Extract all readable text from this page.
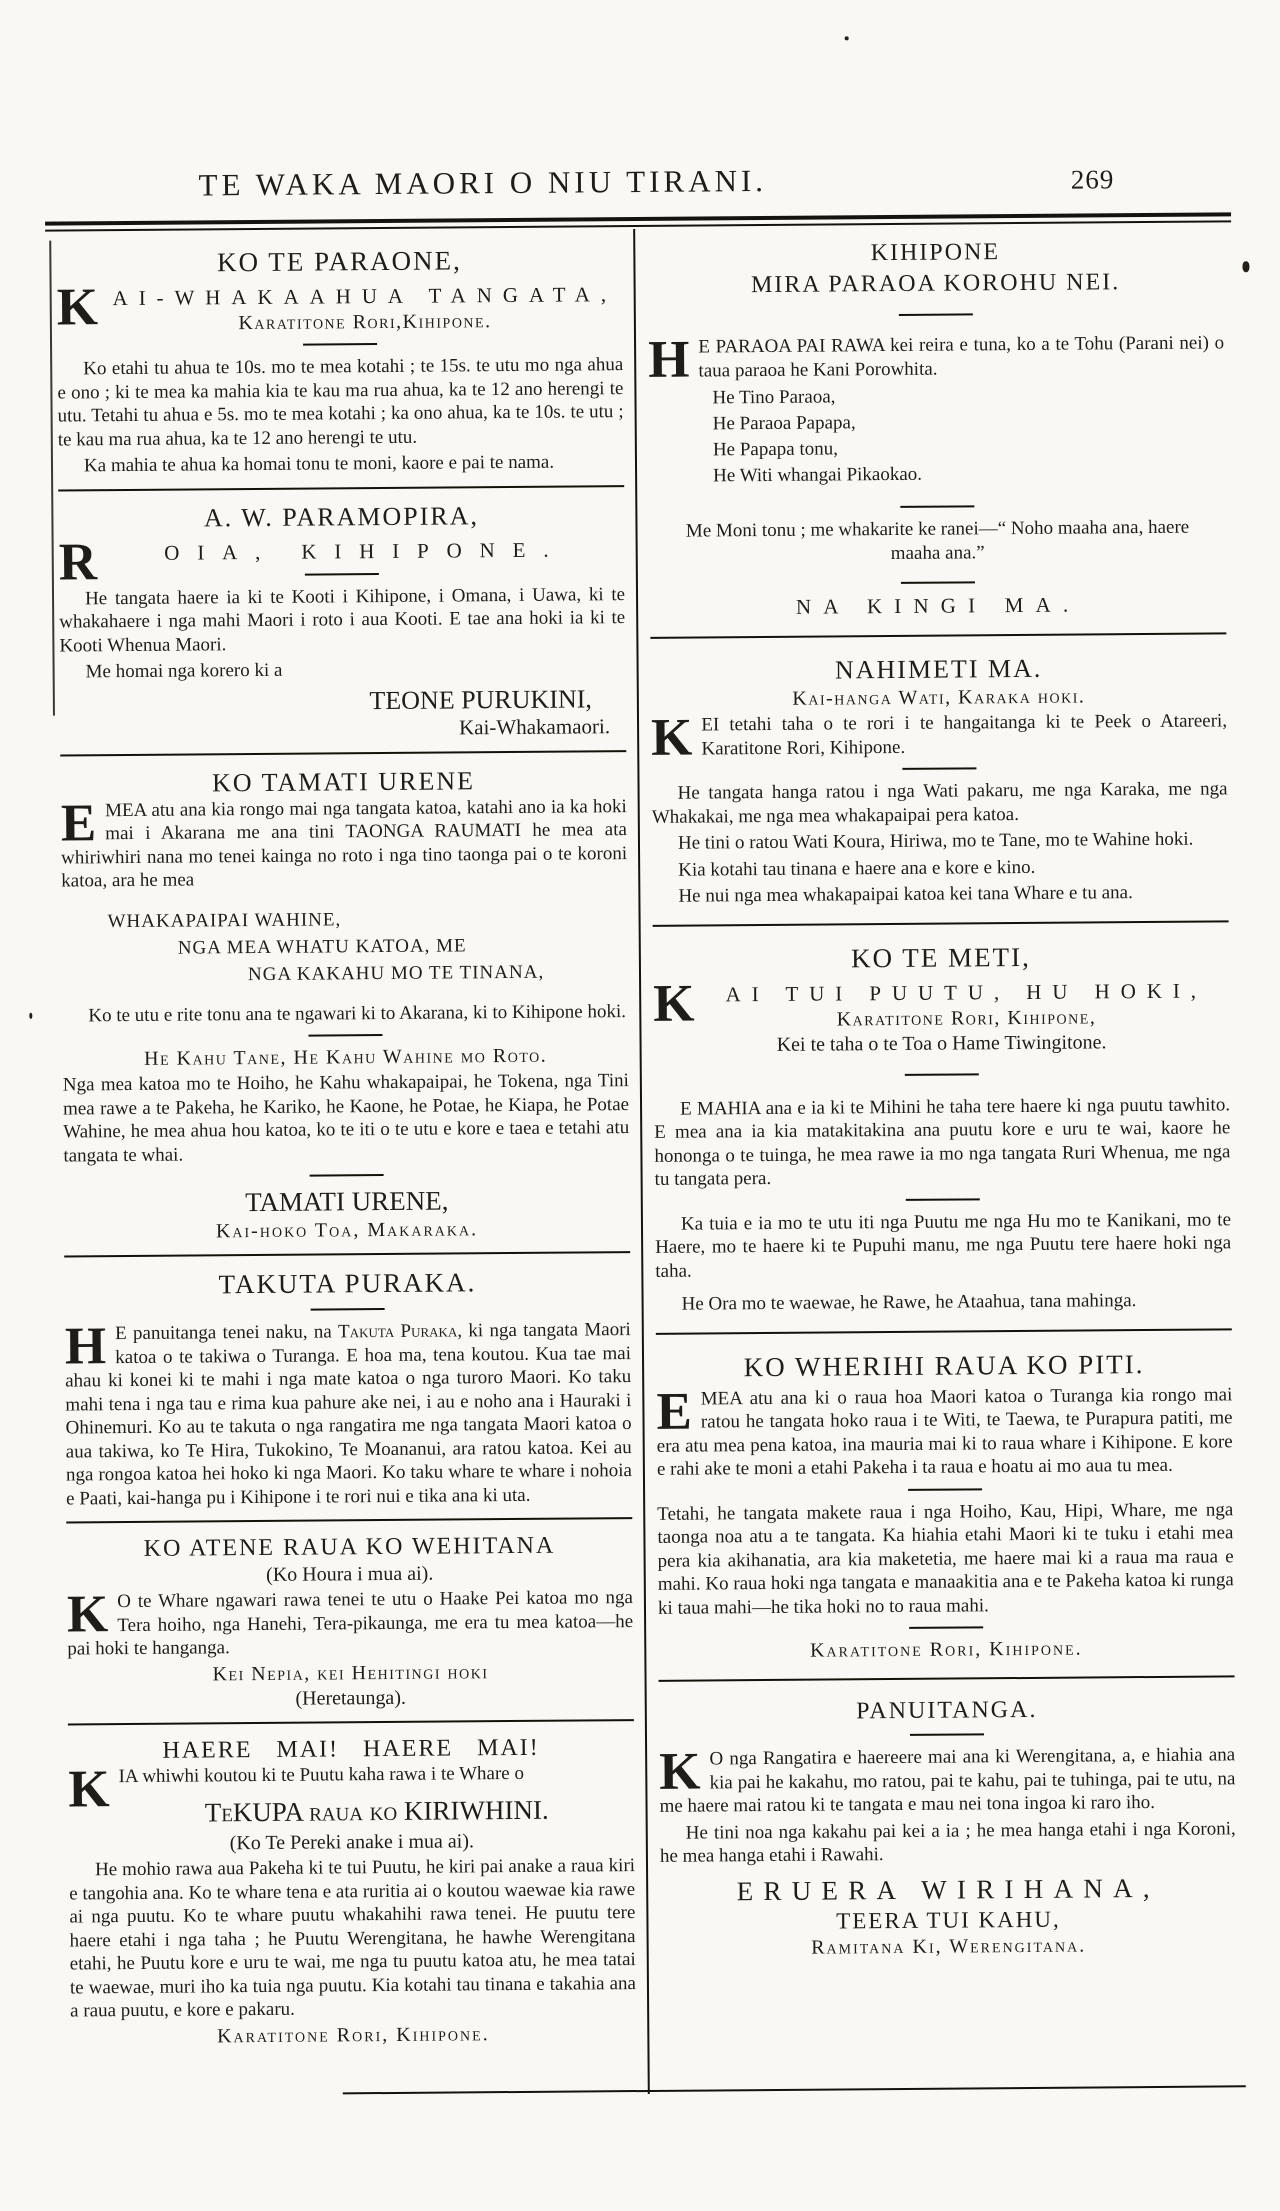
TE WAKA MAORI O NIU TIRANI.	269
KO TE PARAONE,
K AI-WHAKAAHUA TANGATA,
Karatitone Rori,Kihipone.

Ko etahi tu ahua te 10s. mo te mea kotahi ; te 15s. te utu mo nga ahua e ono ; ki te mea ka mahia kia te kau ma rua ahua, ka te 12 ano herengi te utu. Tetahi tu ahua e 5s. mo te mea kotahi ; ka ono ahua, ka te 10s. te utu ; te kau ma rua ahua, ka te 12 ano herengi te utu.

Ka mahia te ahua ka homai tonu te moni, kaore e pai te nama.

A. W. PARAMOPIRA,
R	OIA, KIHIPONE.

He tangata haere ia ki te Kooti i Kihipone, i Omana, i Uawa, ki te whakahaere i nga mahi Maori i roto i aua Kooti. E tae ana hoki ia ki te Kooti Whenua Maori.

Me homai nga korero ki a

TEONE PURUKINI,
Kai-Whakamaori.
KO TAMATI URENE

EMEA atu ana kia rongo mai nga tangata katoa, katahi ano ia ka hoki mai i Akarana me ana tini TAONGA RAUMATI he mea ata whiriwhiri nana mo tenei kainga no roto i nga tino taonga pai o te koroni katoa, ara he mea

WHAKAPAIPAI WAHINE,
NGA MEA WHATU KATOA, ME
NGA KAKAHU MO TE TINANA,

Ko te utu e rite tonu ana te ngawari ki to Akarana, ki to Kihipone hoki.

He Kahu Tane, He Kahu Wahine mo Roto.

Nga mea katoa mo te Hoiho, he Kahu whakapaipai, he Tokena, nga Tini mea rawe a te Pakeha, he Kariko, he Kaone, he Potae, he Kiapa, he Potae Wahine, he mea ahua hou katoa, ko te iti o te utu e kore e taea e tetahi atu tangata te whai.

TAMATI URENE,
Kai-hoko Toa, Makaraka.
TAKUTA PURAKA.

H E panuitanga tenei naku, na Takuta Puraka, ki nga tangata Maori katoa o te takiwa o Turanga. E hoa ma, tena koutou. Kua tae mai ahau ki konei ki te mahi i nga mate katoa o nga turoro Maori. Ko taku mahi tena i nga tau e rima kua pahure ake nei, i au e noho ana i Hauraki i Ohinemuri. Ko au te takuta o nga rangatira me nga tangata Maori katoa o aua takiwa, ko Te Hira, Tukokino, Te Moananui, ara ratou katoa. Kei au nga rongoa katoa hei hoko ki nga Maori. Ko taku whare te whare i nohoia e Paati, kai-hanga pu i Kihipone i te rori nui e tika ana ki uta.

KO ATENE RAUA KO WEHITANA
(Ko Houra i mua ai).

K O te Whare ngawari rawa tenei te utu o Haake Pei katoa mo nga Tera hoiho, nga Hanehi, Tera-pikaunga, me era tu mea katoa—he pai hoki te hanganga.

Kei Nepia, kei Hehitingi hoki
(Heretaunga).
HAERE MAI! HAERE MAI!
K IA whiwhi koutou ki te Puutu kaha rawa i te Whare o

TeKUPA raua ko KIRIWHINI.
(Ko Te Pereki anake i mua ai).

He mohio rawa aua Pakeha ki te tui Puutu, he kiri pai anake a raua kiri e tangohia ana. Ko te whare tena e ata ruritia ai o koutou waewae kia rawe ai nga puutu. Ko te whare puutu whakahihi rawa tenei. He puutu tere haere etahi i nga taha ; he Puutu Werengitana, he hawhe Werengitana etahi, he Puutu kore e uru te wai, me nga tu puutu katoa atu, he mea tatai te waewae, muri iho ka tuia nga puutu. Kia kotahi tau tinana e takahia ana a raua puutu, e kore e pakaru.

Karatitone Rori, Kihipone.
KIHIPONE
MIRA PARAOA KOROHU NEI.

H E PARAOA PAI RAWA kei reira e tuna, ko a te Tohu (Parani nei) o taua paraoa he Kani Porowhita.

He Tino Paraoa,
He Paraoa Papapa,
He Papapa tonu,
He Witi whangai Pikaokao.
Me Moni tonu ; me whakarite ke ranei—“ Noho maaha ana, haere maaha ana.”
NA KINGI MA.
NAHIMETI MA.
Kai-hanga Wati, Karaka hoki.

KEI tetahi taha o te rori i te hangaitanga ki te Peek o Atareeri, Karatitone Rori, Kihipone.

He tangata hanga ratou i nga Wati pakaru, me nga Karaka, me nga Whakakai, me nga mea whakapaipai pera katoa.

He tini o ratou Wati Koura, Hiriwa, mo te Tane, mo te Wahine hoki.

Kia kotahi tau tinana e haere ana e kore e kino.

He nui nga mea whakapaipai katoa kei tana Whare e tu ana.

KO TE METI,
K	AI TUI PUUTU, HU HOKI,
Karatitone Rori, Kihipone,
Kei te taha o te Toa o Hame Tiwingitone.

E MAHIA ana e ia ki te Mihini he taha tere haere ki nga puutu tawhito. E mea ana ia kia matakitakina ana puutu kore e uru te wai, kaore he hononga o te tuinga, he mea rawe ia mo nga tangata Ruri Whenua, me nga tu tangata pera.

Ka tuia e ia mo te utu iti nga Puutu me nga Hu mo te Kanikani, mo te Haere, mo te haere ki te Pupuhi manu, me nga Puutu tere haere hoki nga taha.

He Ora mo te waewae, he Rawe, he Ataahua, tana mahinga.

KO WHERIHI RAUA KO PITI.

EMEA atu ana ki o raua hoa Maori katoa o Turanga kia rongo mai ratou he tangata hoko raua i te Witi, te Taewa, te Purapura patiti, me era atu mea pena katoa, ina mauria mai ki to raua whare i Kihipone. E kore e rahi ake te moni a etahi Pakeha i ta raua e hoatu ai mo aua tu mea.

Tetahi, he tangata makete raua i nga Hoiho, Kau, Hipi, Whare, me nga taonga noa atu a te tangata. Ka hiahia etahi Maori ki te tuku i etahi mea pera kia akihanatia, ara kia maketetia, me haere mai ki a raua ma raua e mahi. Ko raua hoki nga tangata e manaakitia ana e te Pakeha katoa ki runga ki taua mahi—he tika hoki no to raua mahi.

Karatitone Rori, Kihipone.
PANUITANGA.

K O nga Rangatira e haereere mai ana ki Werengitana, a, e hiahia ana kia pai he kakahu, mo ratou, pai te kahu, pai te tuhinga, pai te utu, na me haere mai ratou ki te tangata e mau nei tona ingoa ki raro iho.

He tini noa nga kakahu pai kei a ia ; he mea hanga etahi i nga Koroni, he mea hanga etahi i Rawahi.

ERUERA WIRIHANA,
TEERA TUI KAHU,
Ramitana Ki, Werengitana.
